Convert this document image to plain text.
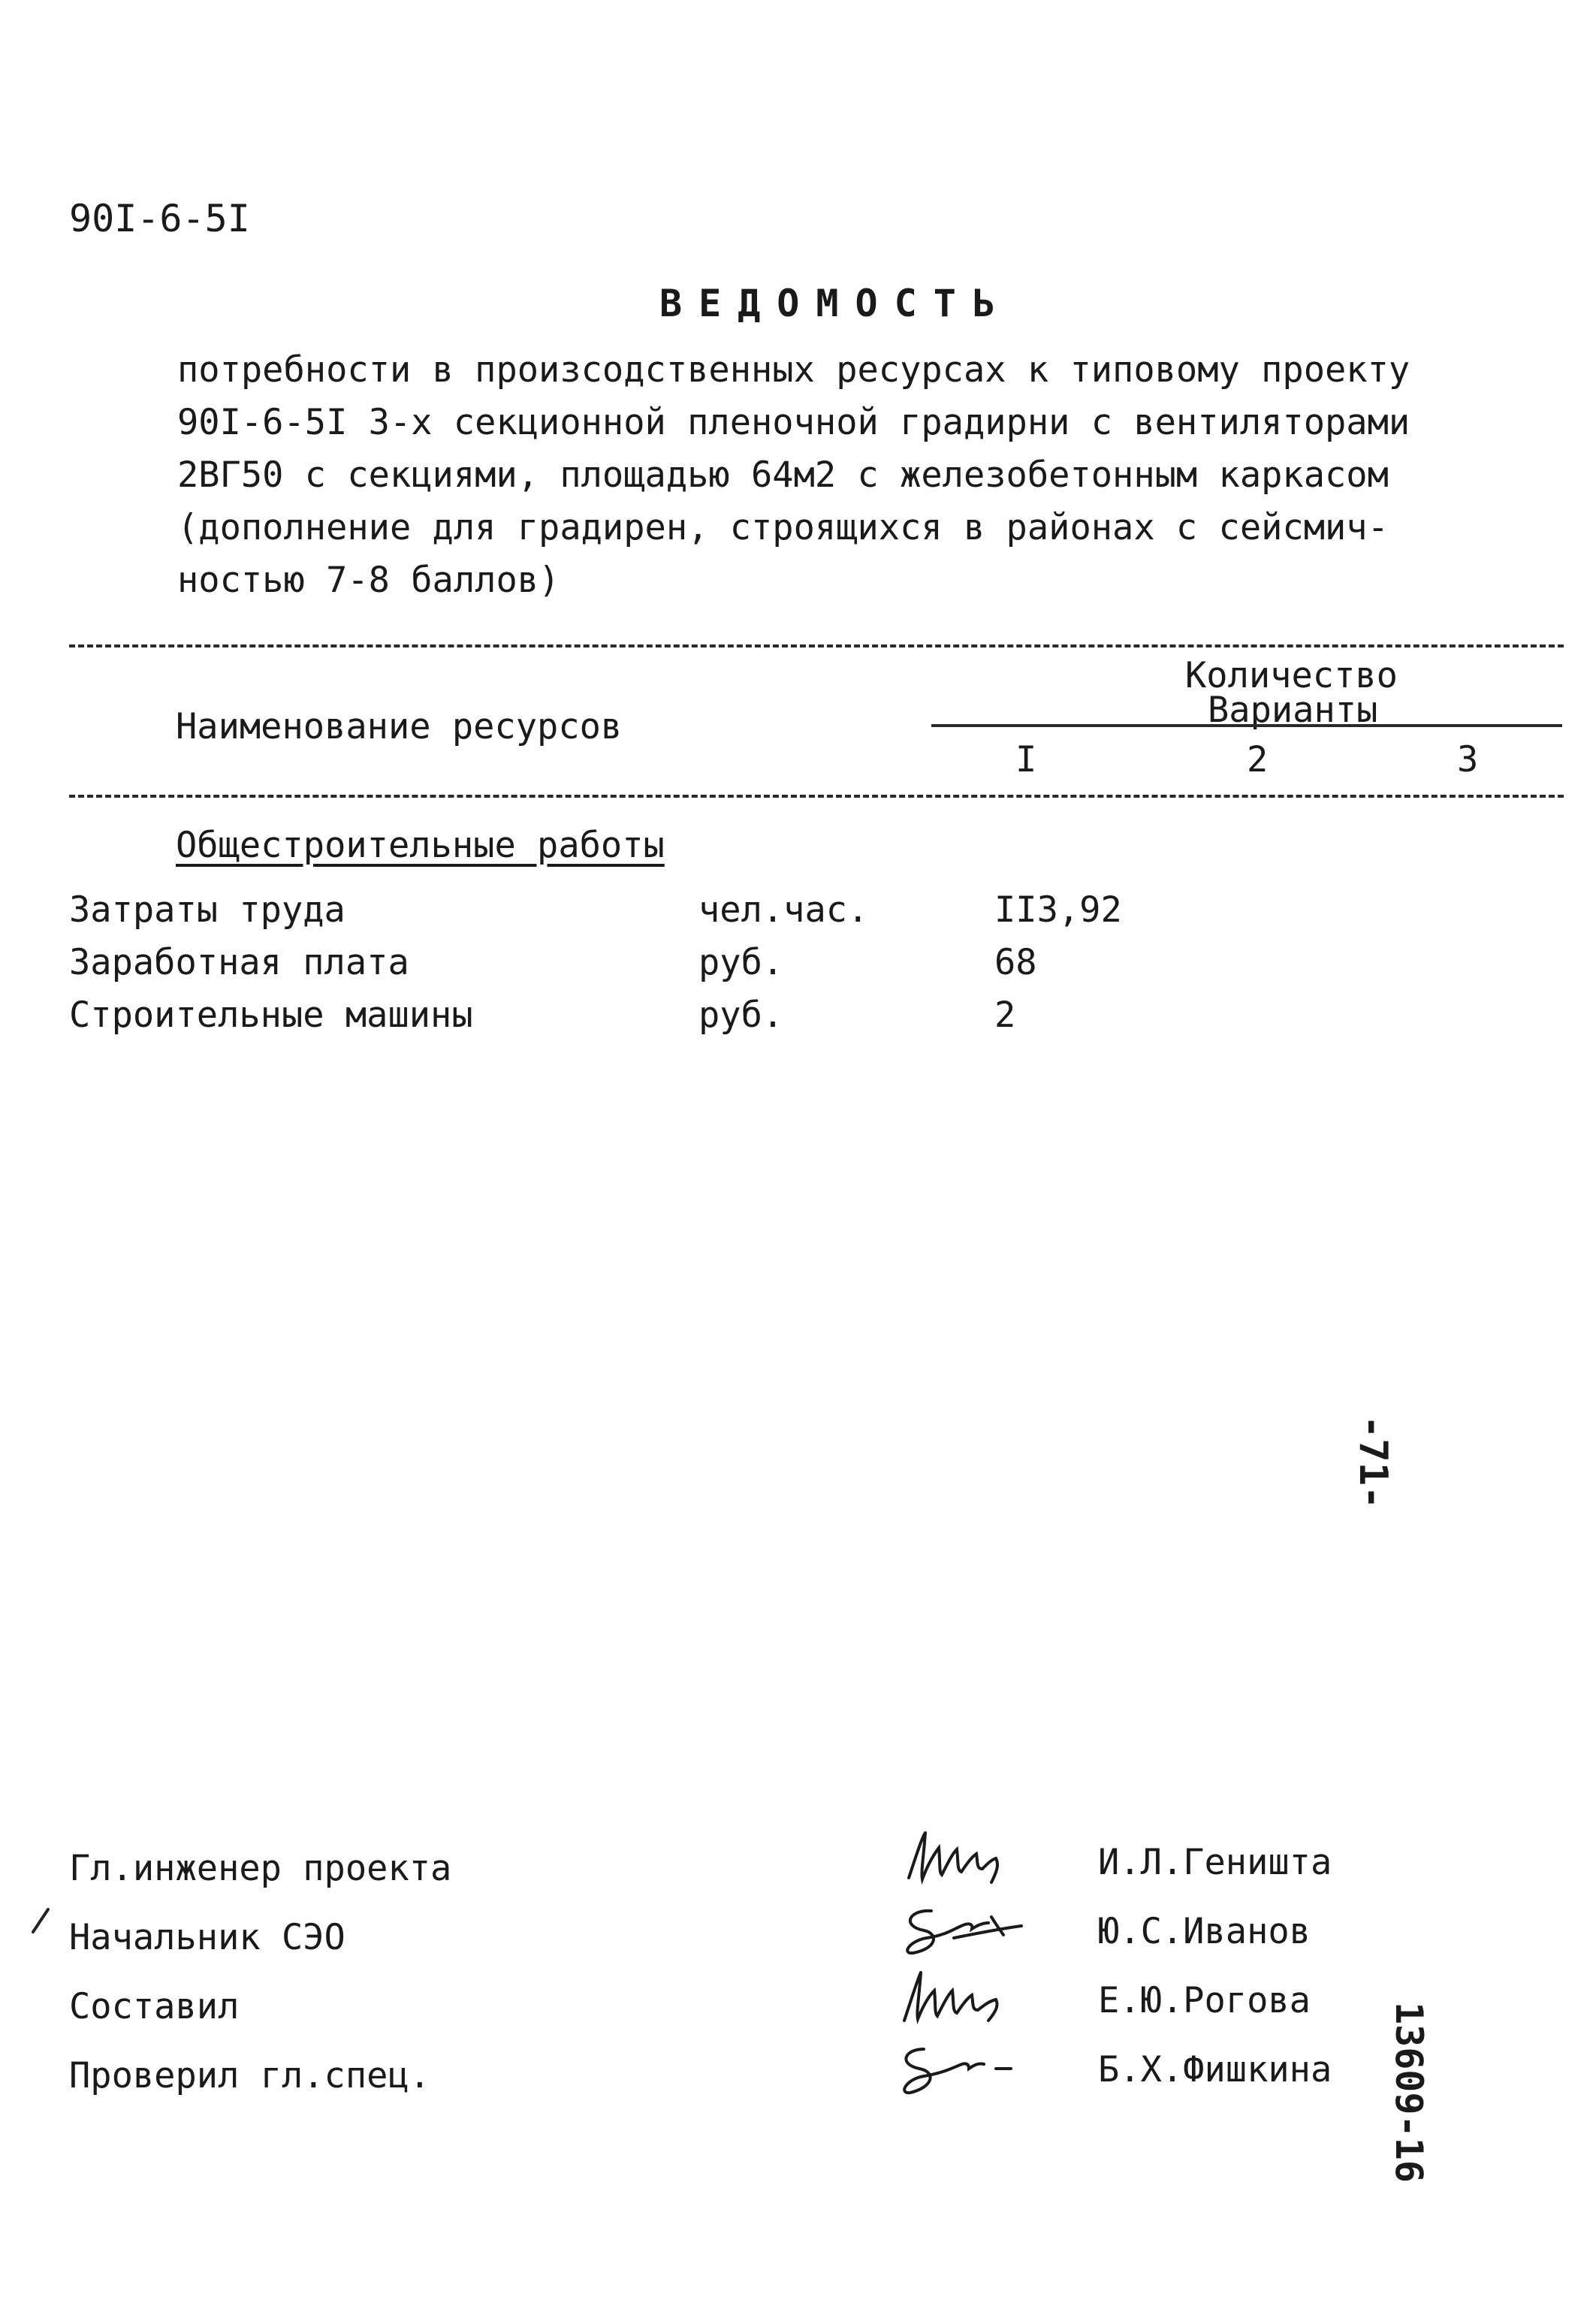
90I-6-5I
ВЕДОМОСТЬ
потребности в произсодственных ресурсах к типовому проекту
90I-6-5I 3-х секционной пленочной градирни с вентиляторами
2ВГ50 с секциями, площадью 64м2 с железобетонным каркасом
(дополнение для градирен, строящихся в районах с сейсмич-
ностью 7-8 баллов)
Наименование ресурсов
Количество
Варианты
I	2	3
Общестроительные работы
Затраты труда	чел.час.	II3,92
Заработная плата	руб.	68
Строительные машины	руб.	2
-71-
13609-16
Гл.инженер проекта
Начальник СЭО
Составил
Проверил гл.спец.
И.Л.Геништа
Ю.С.Иванов
Е.Ю.Рогова
Б.Х.Фишкина
